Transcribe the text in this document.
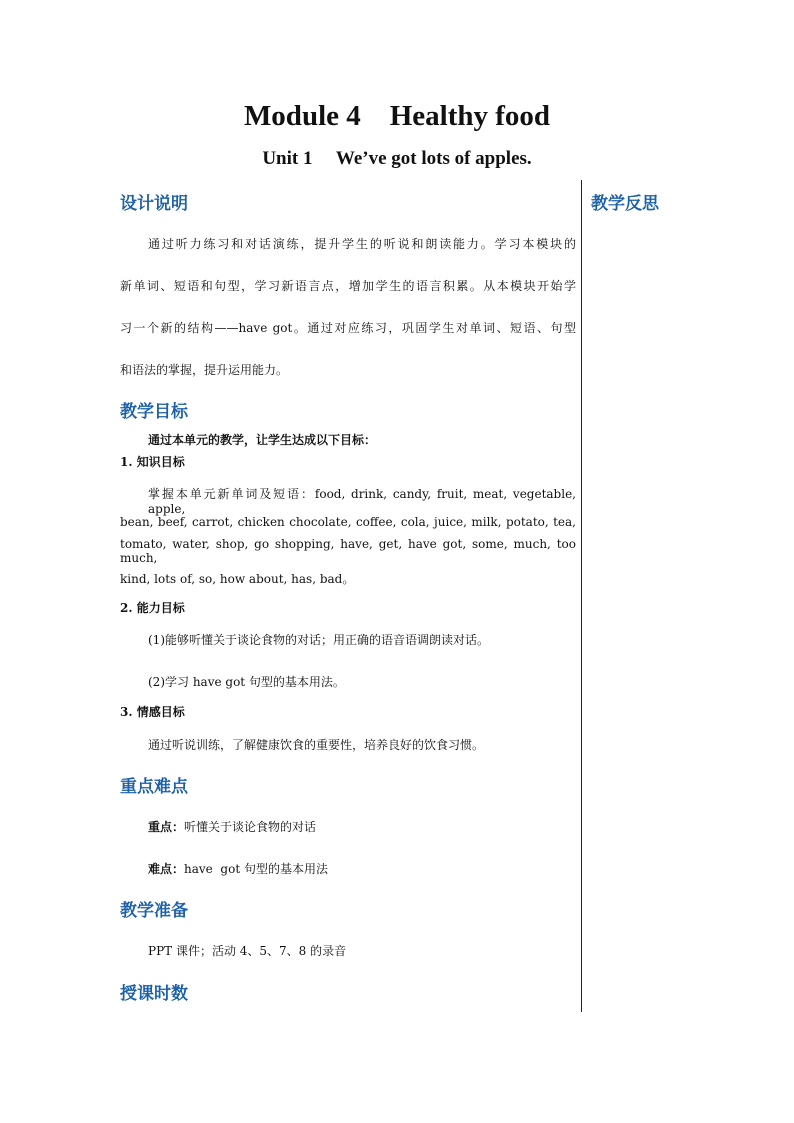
Module 4    Healthy food
Unit 1     We’ve got lots of apples.
教学反思
设计说明
通过听力练习和对话演练，提升学生的听说和朗读能力。学习本模块的
新单词、短语和句型，学习新语言点，增加学生的语言积累。从本模块开始学
习一个新的结构——have got。通过对应练习，巩固学生对单词、短语、句型
和语法的掌握，提升运用能力。
教学目标
通过本单元的教学，让学生达成以下目标：
1. 知识目标
掌握本单元新单词及短语：food, drink, candy, fruit, meat, vegetable, apple,
bean, beef, carrot, chicken chocolate, coffee, cola, juice, milk, potato, tea,
tomato, water, shop, go shopping, have, get, have got, some, much, too much,
kind, lots of, so, how about, has, bad。
2. 能力目标
(1)能够听懂关于谈论食物的对话；用正确的语音语调朗读对话。
(2)学习 have got 句型的基本用法。
3. 情感目标
通过听说训练，了解健康饮食的重要性，培养良好的饮食习惯。
重点难点
重点：听懂关于谈论食物的对话
难点：have  got 句型的基本用法
教学准备
PPT 课件；活动 4、5、7、8 的录音
授课时数
